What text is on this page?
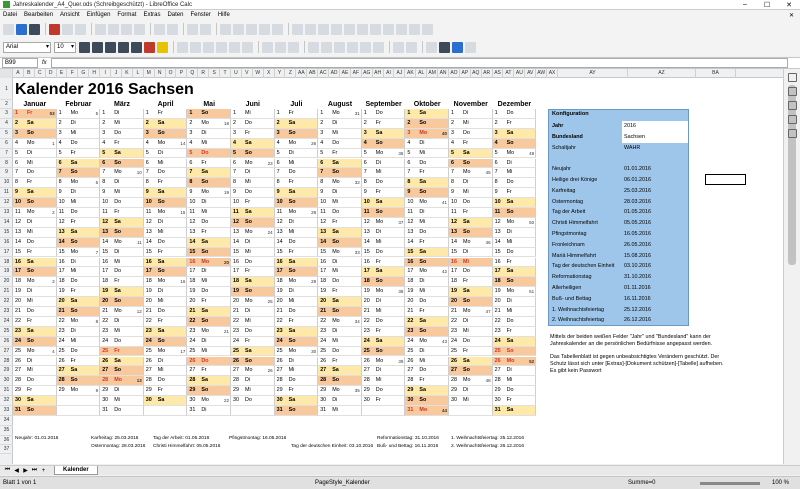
Jahreskalender_A4_Quer.ods (Schreibgeschützt) - LibreOffice Calc	–	☐	✕
Datei Bearbeiten Ansicht Einfügen Format Extras Daten Fenster Hilfe	✕
Arial ▾	10 ▾
B99	fx
A	B	C	D	E	F	G	H	I	J	K	L	M	N	O	P	Q	R	S	T	U	V	W	X	Y	Z	AA AB AC AD AE AF AG AH	AI	AJ AK AL AM AN AO AP AQ AR AS AT AU AV AW AX	AY	AZ	BA
1
2
3
4
5
6
7
8
9
10
11
12
13
14
15
16
17
18
19
20
21
22
23
24
25
26
27
28
29
30
31
32
33
34
35
36
37
Kalender 2016 Sachsen
Januar
1 Fr	53
2 Sa
3 So
4 Mo	1
5 Di
6 Mi
7 Do
8 Fr
9 Sa
10 So
11 Mo	2
12 Di
13 Mi
14 Do
15 Fr
16 Sa
17 So
18 Mo	3
19 Di
20 Mi
21 Do
22 Fr
23 Sa
24 So
25 Mo	4
26 Di
27 Mi
28 Do
29 Fr
30 Sa
31 So
Februar
1 Mo	5
2 Di
3 Mi
4 Do
5 Fr
6 Sa
7 So
8 Mo	6
9 Di
10 Mi
11 Do
12 Fr
13 Sa
14 So
15 Mo	7
16 Di
17 Mi
18 Do
19 Fr
20 Sa
21 So
22 Mo	8
23 Di
24 Mi
25 Do
26 Fr
27 Sa
28 So
29 Mo	9
März
1 Di
2 Mi
3 Do
4 Fr
5 Sa
6 So
7 Mo	10
8 Di
9 Mi
10 Do
11 Fr
12 Sa
13 So
14 Mo	11
15 Di
16 Mi
17 Do
18 Fr
19 Sa
20 So
21 Mo	12
22 Di
23 Mi
24 Do
25 Fr
26 Sa
27 So
28 Mo	13
29 Di
30 Mi
31 Do
April
1 Fr
2 Sa
3 So
4 Mo	14
5 Di
6 Mi
7 Do
8 Fr
9 Sa
10 So
11 Mo	15
12 Di
13 Mi
14 Do
15 Fr
16 Sa
17 So
18 Mo	16
19 Di
20 Mi
21 Do
22 Fr
23 Sa
24 So
25 Mo	17
26 Di
27 Mi
28 Do
29 Fr
30 Sa
Mai
1 So
2 Mo	18
3 Di
4 Mi
5 Do
6 Fr
7 Sa
8 So
9 Mo	19
10 Di
11 Mi
12 Do
13 Fr
14 Sa
15 So
16 Mo	20
17 Di
18 Mi
19 Do
20 Fr
21 Sa
22 So
23 Mo	21
24 Di
25 Mi
26 Do
27 Fr
28 Sa
29 So
30 Mo	22
31 Di
Juni
1 Mi
2 Do
3 Fr
4 Sa
5 So
6 Mo	23
7 Di
8 Mi
9 Do
10 Fr
11 Sa
12 So
13 Mo	24
14 Di
15 Mi
16 Do
17 Fr
18 Sa
19 So
20 Mo	25
21 Di
22 Mi
23 Do
24 Fr
25 Sa
26 So
27 Mo	26
28 Di
29 Mi
30 Do
Juli
1 Fr
2 Sa
3 So
4 Mo	26
5 Di
6 Mi
7 Do
8 Fr
9 Sa
10 So
11 Mo	28
12 Di
13 Mi
14 Do
15 Fr
16 Sa
17 So
18 Mo	29
19 Di
20 Mi
21 Do
22 Fr
23 Sa
24 So
25 Mo	30
26 Di
27 Mi
28 Do
29 Fr
30 Sa
31 So
August
1 Mo	31
2 Di
3 Mi
4 Do
5 Fr
6 Sa
7 So
8 Mo	32
9 Di
10 Mi
11 Do
12 Fr
13 Sa
14 So
15 Mo	33
16 Di
17 Mi
18 Do
19 Fr
20 Sa
21 So
22 Mo	34
23 Di
24 Mi
25 Do
26 Fr
27 Sa
28 So
29 Mo	35
30 Di
31 Mi
September
1 Do
2 Fr
3 Sa
4 So
5 Mo	36
6 Di
7 Mi
8 Do
9 Fr
10 Sa
11 So
12 Mo	37
13 Di
14 Mi
15 Do
16 Fr
17 Sa
18 So
19 Mo	38
20 Di
21 Mi
22 Do
23 Fr
24 Sa
25 So
26 Mo	39
27 Di
28 Mi
29 Do
30 Fr
Oktober
1 Sa
2 So
3 Mo	40
4 Di
5 Mi
6 Do
7 Fr
8 Sa
9 So
10 Mo	41
11 Di
12 Mi
13 Do
14 Fr
15 Sa
16 So
17 Mo	42
18 Di
19 Mi
20 Do
21 Fr
22 Sa
23 So
24 Mo	43
25 Di
26 Mi
27 Do
28 Fr
29 Sa
30 So
31 Mo	44
November
1 Di
2 Mi
3 Do
4 Fr
5 Sa
6 So
7 Mo	45
8 Di
9 Mi
10 Do
11 Fr
12 Sa
13 So
14 Mo	46
15 Di
16 Mi
17 Do
18 Fr
19 Sa
20 So
21 Mo	47
22 Di
23 Mi
24 Do
25 Fr
26 Sa
27 So
28 Mo	48
29 Di
30 Mi
Dezember
1 Do
2 Fr
3 Sa
4 So
5 Mo	49
6 Di
7 Mi
8 Do
9 Fr
10 Sa
11 So
12 Mo	50
13 Di
14 Mi
15 Do
16 Fr
17 Sa
18 So
19 Mo	51
20 Di
21 Mi
22 Do
23 Fr
24 Sa
25 So
26 Mo	52
27 Di
28 Mi
29 Do
30 Fr
31 Sa
Konfiguration
Jahr	2016
Bundesland	Sachsen
Schaltjahr	WAHR
Neujahr	01.01.2016
Heilige drei Könige	06.01.2016
Karfreitag	25.03.2016
Ostermontag	28.03.2016
Tag der Arbeit	01.05.2016
Christi Himmelfahrt	05.05.2016
Pfingstmontag	16.05.2016
Fronleichnam	26.05.2016
Mariä Himmelfahrt	15.08.2016
Tag der deutschen Einheit	03.10.2016
Reformationstag	31.10.2016
Allerheiligen	01.11.2016
Buß- und Bettag	16.11.2016
1. Weihnachtsfeiertag	25.12.2016
2. Weihnachtsfeiertag	26.12.2016

Mittels der beiden weißen Felder "Jahr" und "Bundesland" kann der Jahreskalender an die persönlichen Bedürfnisse angepasst werden.

Das Tabellenblatt ist gegen unbeabsichtigtes Verändern geschützt. Der Schutz lässt sich unter [Extras]-[Dokument schützen]-[Tabelle] aufheben. Es gibt kein Passwort

Neujahr: 01.01.2016	Karfreitag: 25.03.2016
Ostermontag: 28.03.2016
Tag der Arbeit: 01.05.2016
Christi Himmelfahrt: 05.05.2016
Pfingstmontag: 16.05.2016
Tag der deutschen Einheit: 03.10.2016
Reformationstag: 31.10.2016
Buß- und Bettag: 16.11.2016
1. Weihnachtsfeiertag: 25.12.2016
2. Weihnachtsfeiertag: 26.12.2016
⏮ ◀ ▶ ⏭ +	Kalender
Blatt 1 von 1	PageStyle_Kalender	Summe=0	100 %
